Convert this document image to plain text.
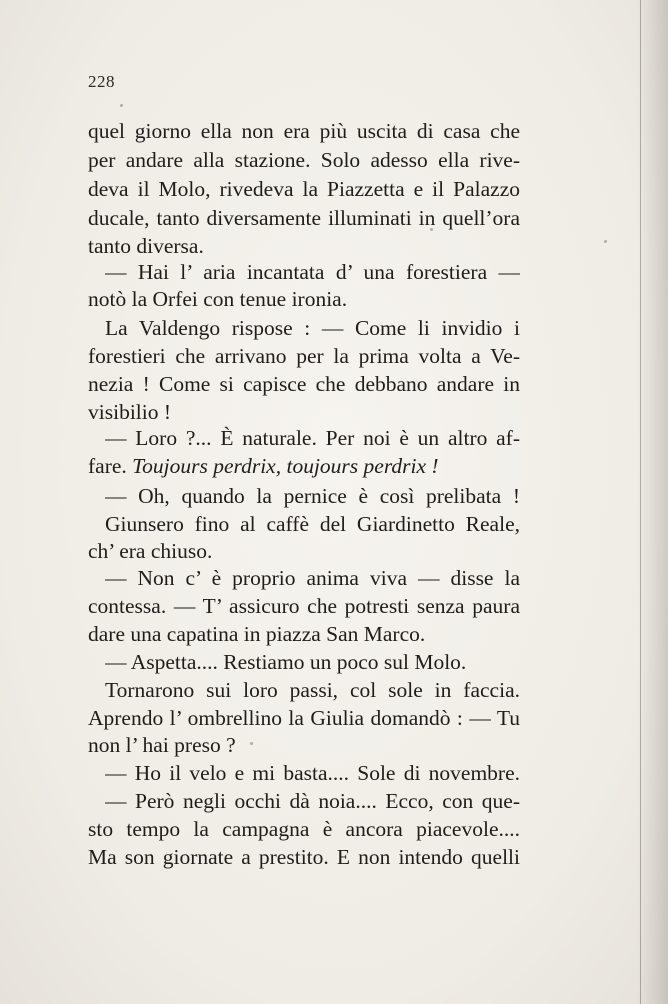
228
quel giorno ella non era più uscita di casa che
per andare alla stazione. Solo adesso ella rive-
deva il Molo, rivedeva la Piazzetta e il Palazzo
ducale, tanto diversamente illuminati in quell’ora
tanto diversa.
— Hai l’ aria incantata d’ una forestiera —
notò la Orfei con tenue ironia.
La Valdengo rispose : — Come li invidio i
forestieri che arrivano per la prima volta a Ve-
nezia ! Come si capisce che debbano andare in
visibilio !
— Loro ?... È naturale. Per noi è un altro af-
fare. Toujours perdrix, toujours perdrix !
— Oh, quando la pernice è così prelibata !
Giunsero fino al caffè del Giardinetto Reale,
ch’ era chiuso.
— Non c’ è proprio anima viva — disse la
contessa. — T’ assicuro che potresti senza paura
dare una capatina in piazza San Marco.
— Aspetta.... Restiamo un poco sul Molo.
Tornarono sui loro passi, col sole in faccia.
Aprendo l’ ombrellino la Giulia domandò : — Tu
non l’ hai preso ?
— Ho il velo e mi basta.... Sole di novembre.
— Però negli occhi dà noia.... Ecco, con que-
sto tempo la campagna è ancora piacevole....
Ma son giornate a prestito. E non intendo quelli
